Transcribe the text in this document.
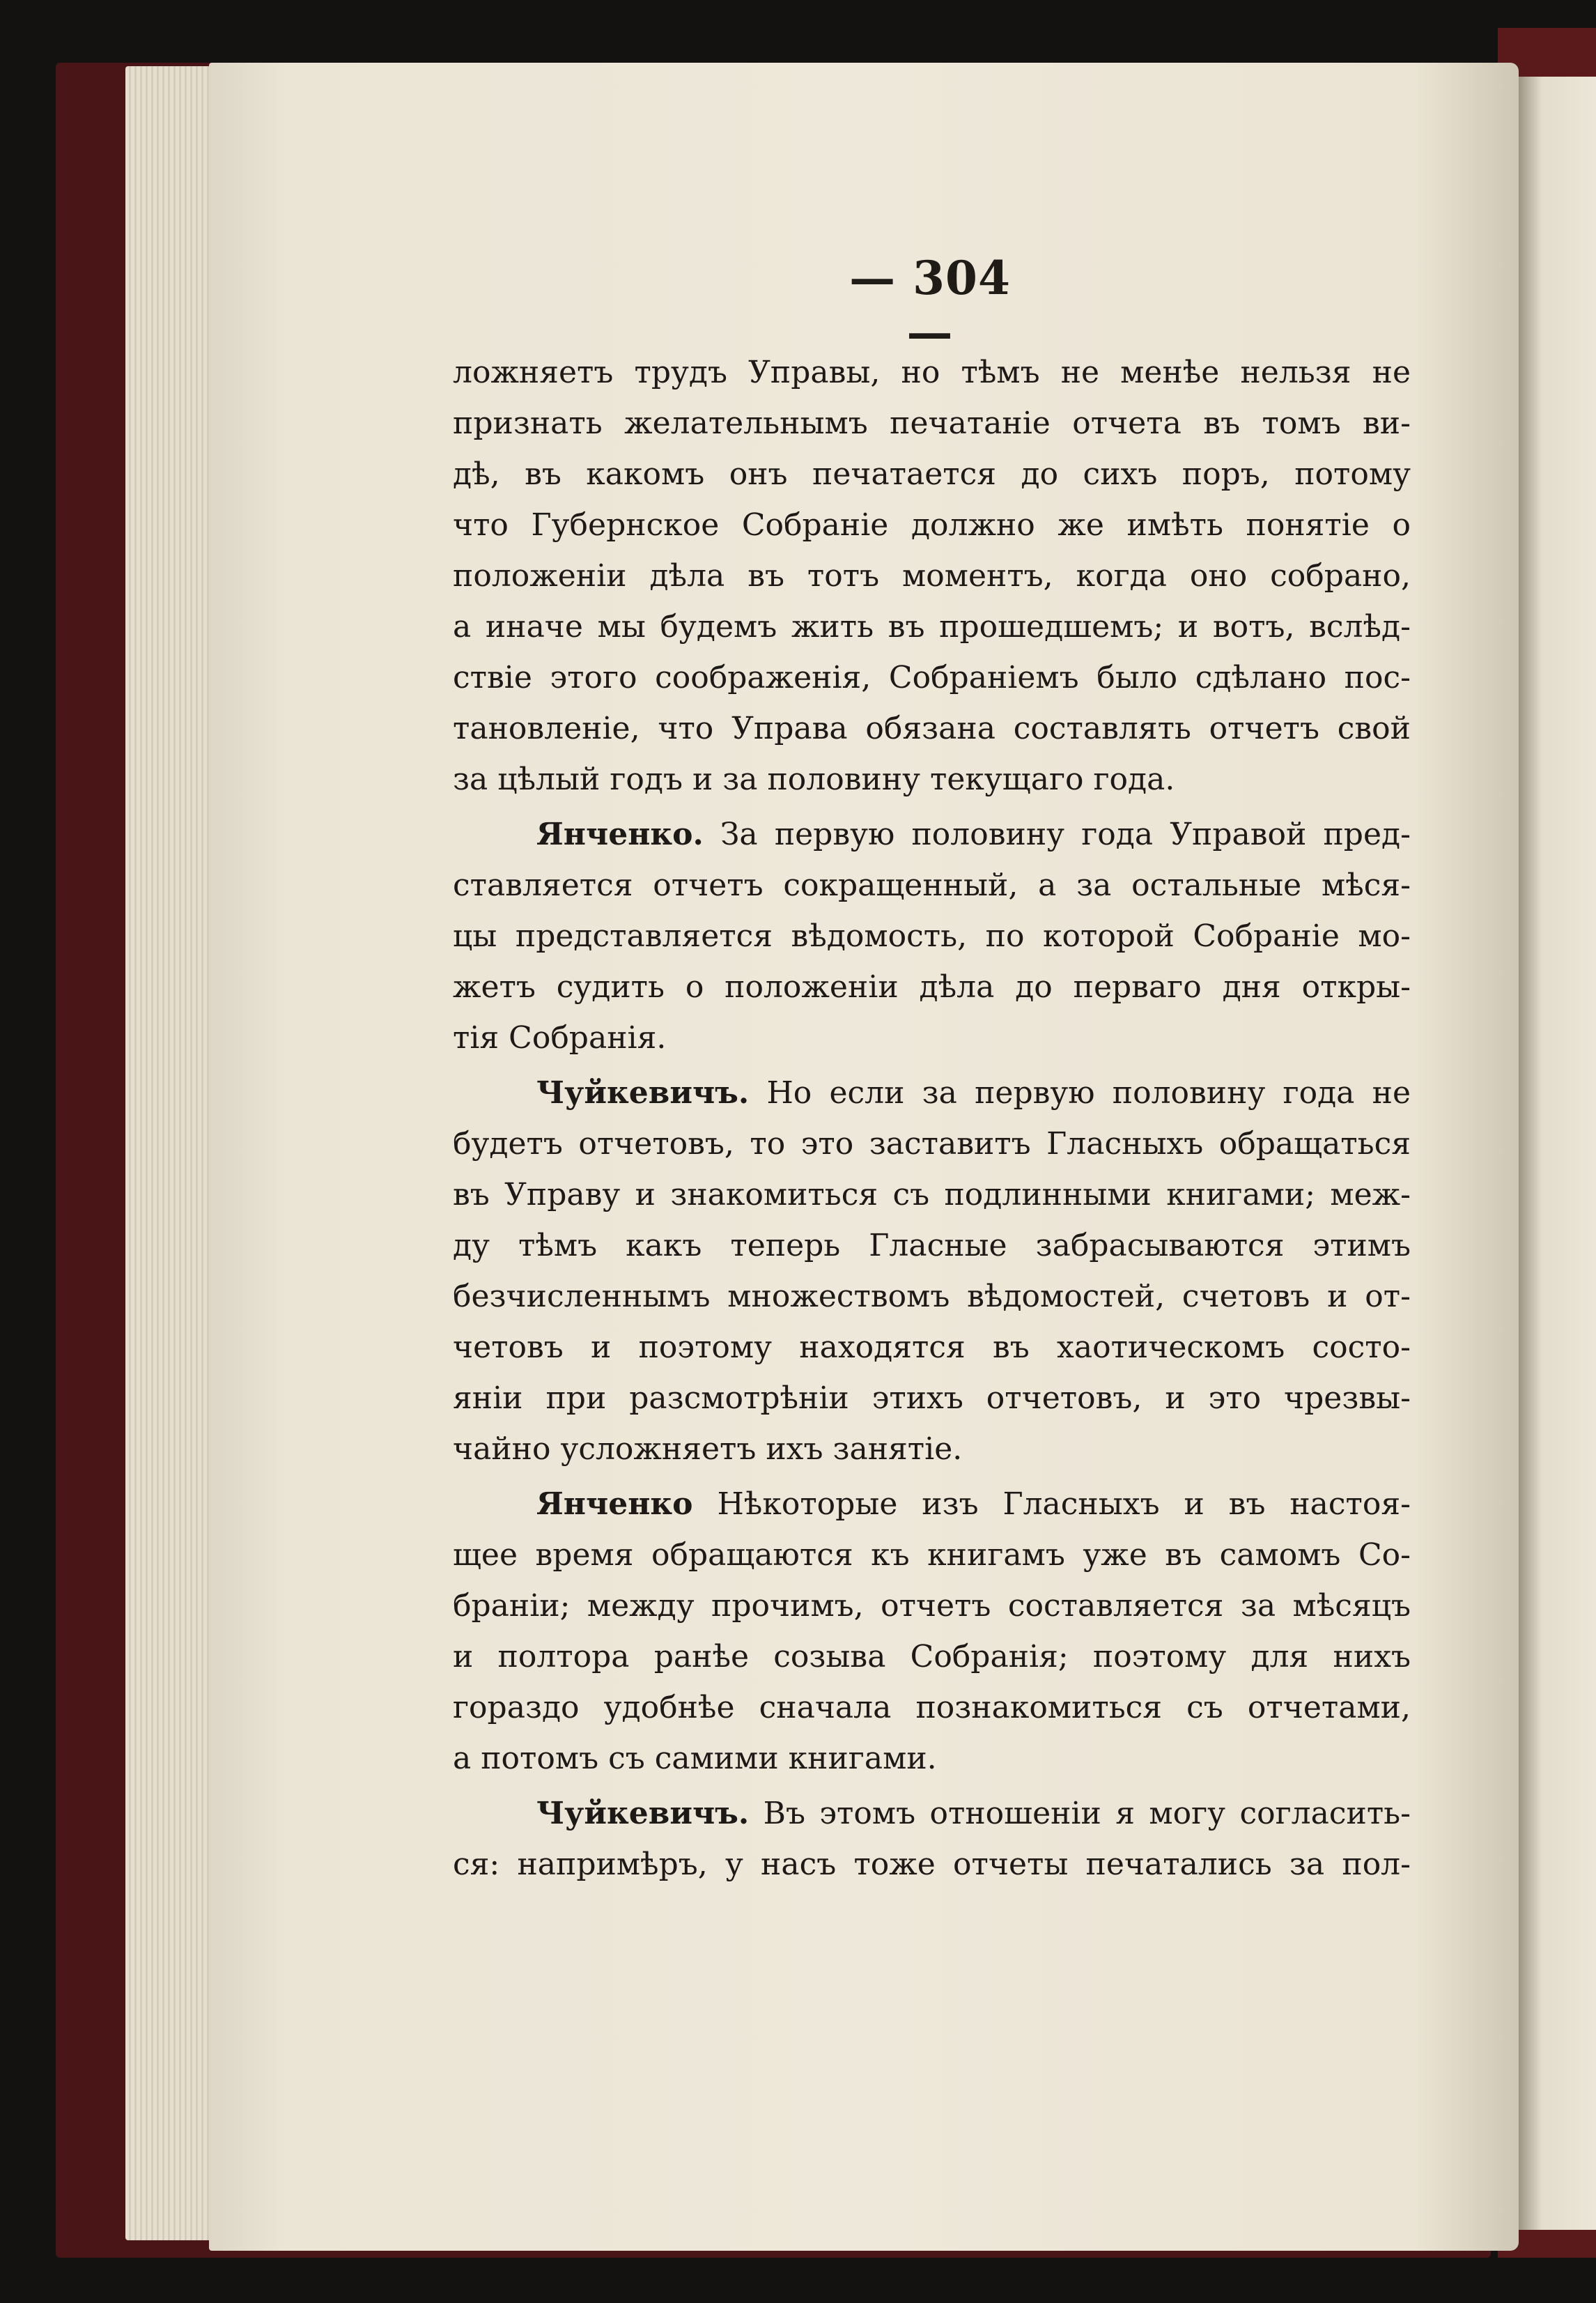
— 304 —
ложняетъ трудъ Управы, но тѣмъ не менѣе нельзя не
признать желательнымъ печатанiе отчета въ томъ ви-
дѣ, въ какомъ онъ печатается до сихъ поръ, потому
что Губернское Собранiе должно же имѣть понятiе о
положенiи дѣла въ тотъ моментъ, когда оно собрано,
а иначе мы будемъ жить въ прошедшемъ; и вотъ, вслѣд-
ствiе этого соображенiя, Собранiемъ было сдѣлано пос-
тановленiе, что Управа обязана составлять отчетъ свой
за цѣлый годъ и за половину текущаго года.
Янченко. За первую половину года Управой пред-
ставляется отчетъ сокращенный, а за остальные мѣся-
цы представляется вѣдомость, по которой Собранiе мо-
жетъ судить о положенiи дѣла до перваго дня откры-
тiя Собранiя.
Чуйкевичъ. Но если за первую половину года не
будетъ отчетовъ, то это заставитъ Гласныхъ обращаться
въ Управу и знакомиться съ подлинными книгами; меж-
ду тѣмъ какъ теперь Гласные забрасываются этимъ
безчисленнымъ множествомъ вѣдомостей, счетовъ и от-
четовъ и поэтому находятся въ хаотическомъ состо-
янiи при разсмотрѣнiи этихъ отчетовъ, и это чрезвы-
чайно усложняетъ ихъ занятiе.
Янченко Нѣкоторые изъ Гласныхъ и въ настоя-
щее время обращаются къ книгамъ уже въ самомъ Со-
бранiи; между прочимъ, отчетъ составляется за мѣсяцъ
и полтора ранѣе созыва Собранiя; поэтому для нихъ
гораздо удобнѣе сначала познакомиться съ отчетами,
а потомъ съ самими книгами.
Чуйкевичъ. Въ этомъ отношенiи я могу согласить-
ся: напримѣръ, у насъ тоже отчеты печатались за пол-
